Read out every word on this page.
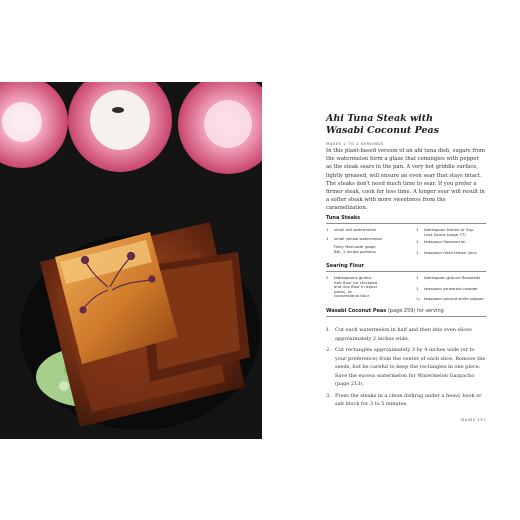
Ahi Tuna Steak with
Wasabi Coconut Peas
MAKES 2 TO 4 SERVINGS
In this plant-based version of an ahi tuna dish, sugars from the watermelon form a glaze that comingles with pepper as the steak sears in the pan. A very hot griddle surface, lightly greased, will ensure an even sear that stays intact. The steaks don't need much time to sear. If you prefer a firmer steak, cook for less time. A longer sour will result in a softer steak with more sweetness from the caramelization.
Tuna Steaks
1 small red watermelon
1 small yellow watermelon
Fishy Marinade (page 86), 2 recipe portions
1 tablespoon tamari or Soy-Less Sauce (page 77)
1 teaspoon flaxseed oil
1 teaspoon fresh lemon juice
Searing Flour
2 tablespoons gluten-free flour (or chickpea and rice flour in equal parts), or conventional flour
1 tablespoon ground flaxseeds
1 teaspoon arrowroot powder
¼ teaspoon ground white pepper
Wasabi Coconut Peas (page 259) for serving
1. Cut each watermelon in half and then into even slices approximately 2 inches wide.
2. Cut rectangles approximately 3 by 4 inches wide (or to your preference) from the center of each slice. Remove the seeds, but be careful to keep the rectangles in one piece. Save the excess watermelon for Watermelon Gazpacho (page 213).
3. Press the steaks in a clean dishrag under a heavy book or salt block for 3 to 5 minutes.
MAINS 197
